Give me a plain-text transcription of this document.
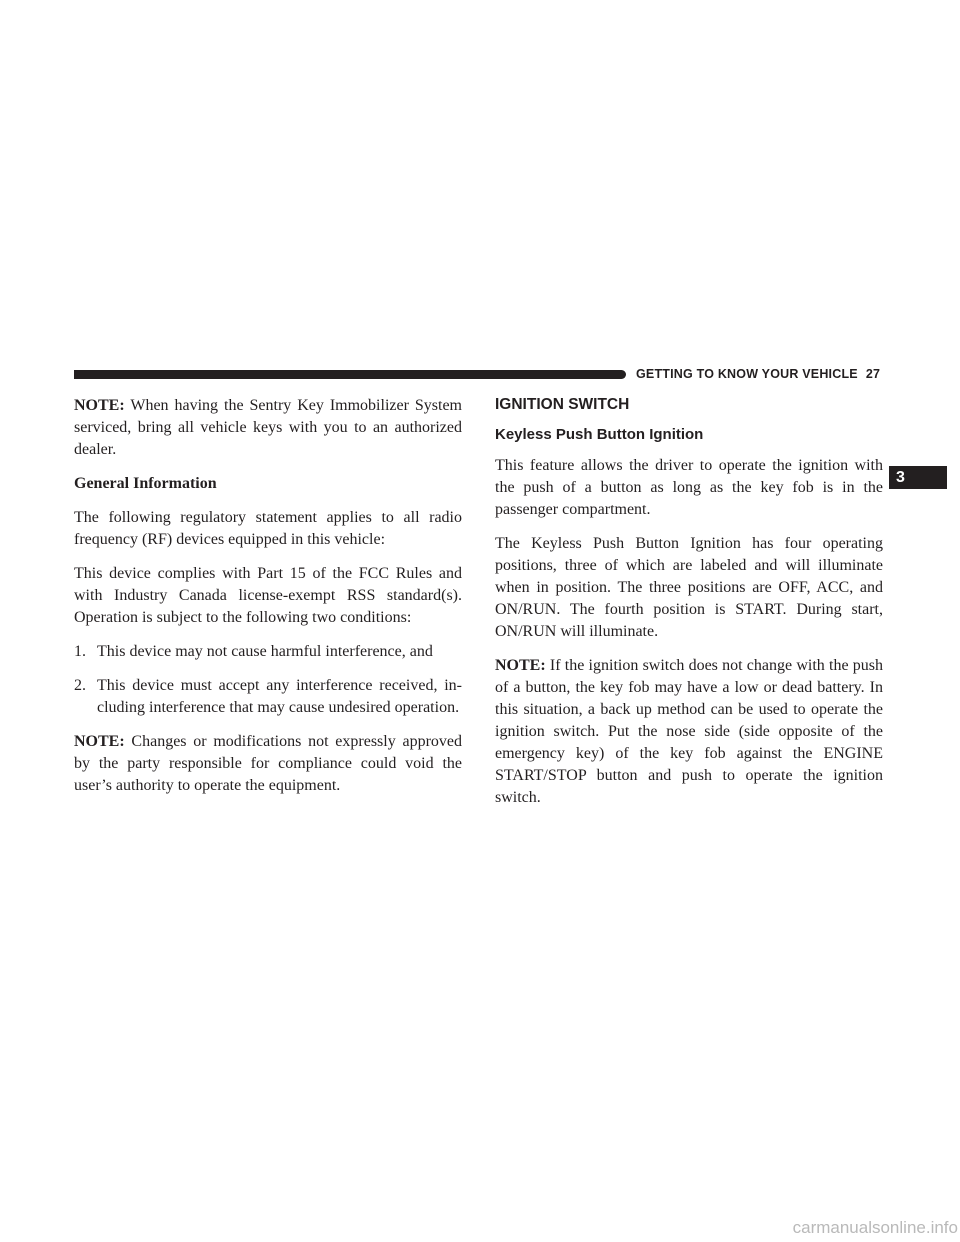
GETTING TO KNOW YOUR VEHICLE 27
3

NOTE: When having the Sentry Key Immobilizer System serviced, bring all vehicle keys with you to an authorized dealer.

General Information

The following regulatory statement applies to all radio frequency (RF) devices equipped in this vehicle:

This device complies with Part 15 of the FCC Rules and with Industry Canada license-exempt RSS standard(s). Operation is subject to the following two conditions:

1. This device may not cause harmful interference, and
2. This device must accept any interference received, including interference that may cause undesired operation.

NOTE: Changes or modifications not expressly approved by the party responsible for compliance could void the user’s authority to operate the equipment.

IGNITION SWITCH
Keyless Push Button Ignition

This feature allows the driver to operate the ignition with the push of a button as long as the key fob is in the passenger compartment.

The Keyless Push Button Ignition has four operating positions, three of which are labeled and will illuminate when in position. The three positions are OFF, ACC, and ON/RUN. The fourth position is START. During start, ON/RUN will illuminate.

NOTE: If the ignition switch does not change with the push of a button, the key fob may have a low or dead battery. In this situation, a back up method can be used to operate the ignition switch. Put the nose side (side opposite of the emergency key) of the key fob against the ENGINE START/STOP button and push to operate the ignition switch.

carmanualsonline.info
